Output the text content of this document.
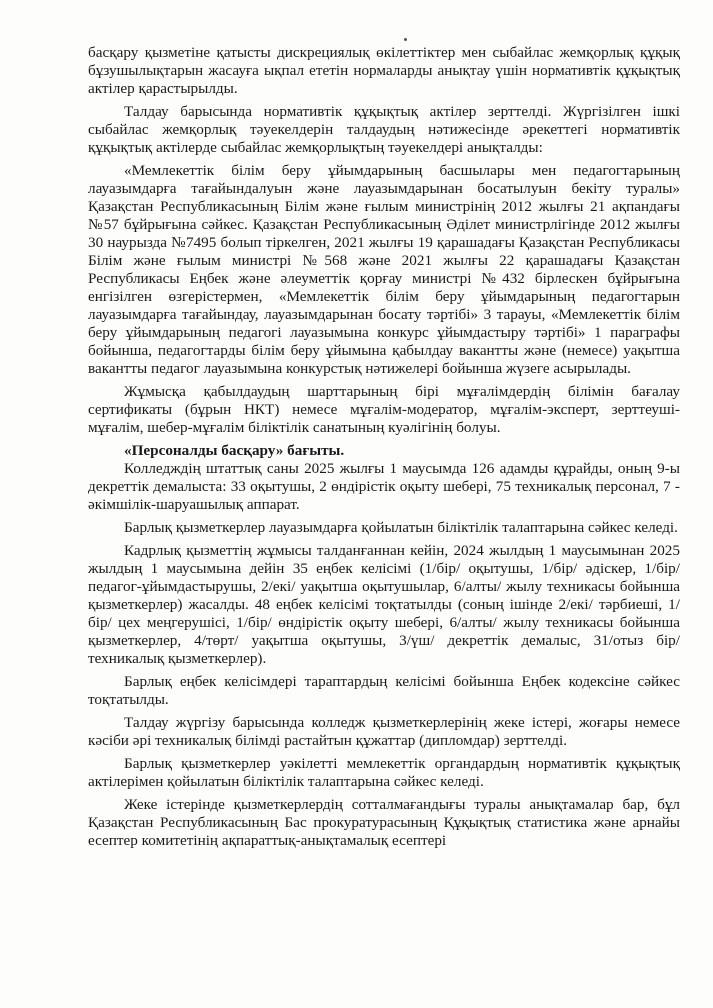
басқару қызметіне қатысты дискрециялық өкілеттіктер мен сыбайлас жемқорлық құқық бұзушылықтарын жасауға ықпал ететін нормаларды анықтау үшін нормативтік құқықтық актілер қарастырылды.

Талдау барысында нормативтік құқықтық актілер зерттелді. Жүргізілген ішкі сыбайлас жемқорлық тәуекелдерін талдаудың нәтижесінде әрекеттегі нормативтік құқықтық актілерде сыбайлас жемқорлықтың тәуекелдері анықталды:

«Мемлекеттік білім беру ұйымдарының басшылары мен педагогтарының лауазымдарға тағайындалуын және лауазымдарынан босатылуын бекіту туралы» Қазақстан Республикасының Білім және ғылым министрінің 2012 жылғы 21 ақпандағы №57 бұйрығына сәйкес. Қазақстан Республикасының Әділет министрлігінде 2012 жылғы 30 наурызда №7495 болып тіркелген, 2021 жылғы 19 қарашадағы Қазақстан Республикасы Білім және ғылым министрі №568 және 2021 жылғы 22 қарашадағы Қазақстан Республикасы Еңбек және әлеуметтік қорғау министрі №432 бірлескен бұйрығына енгізілген өзгерістермен, «Мемлекеттік білім беру ұйымдарының педагогтарын лауазымдарға тағайындау, лауазымдарынан босату тәртібі» 3 тарауы, «Мемлекеттік білім беру ұйымдарының педагогі лауазымына конкурс ұйымдастыру тәртібі» 1 параграфы бойынша, педагогтарды білім беру ұйымына қабылдау вакантты және (немесе) уақытша вакантты педагог лауазымына конкурстық нәтижелері бойынша жүзеге асырылады.

Жұмысқа қабылдаудың шарттарының бірі мұғалімдердің білімін бағалау сертификаты (бұрын НКТ) немесе мұғалім-модератор, мұғалім-эксперт, зерттеуші-мұғалім, шебер-мұғалім біліктілік санатының куәлігінің болуы.

«Персоналды басқару» бағыты.

Колледждің штаттық саны 2025 жылғы 1 маусымда 126 адамды құрайды, оның 9-ы декреттік демалыста: 33 оқытушы, 2 өндірістік оқыту шебері, 75 техникалық персонал, 7 - әкімшілік-шаруашылық аппарат.

Барлық қызметкерлер лауазымдарға қойылатын біліктілік талаптарына сәйкес келеді.

Кадрлық қызметтің жұмысы талданғаннан кейін, 2024 жылдың 1 маусымынан 2025 жылдың 1 маусымына дейін 35 еңбек келісімі (1/бір/ оқытушы, 1/бір/ әдіскер, 1/бір/ педагог-ұйымдастырушы, 2/екі/ уақытша оқытушылар, 6/алты/ жылу техникасы бойынша қызметкерлер) жасалды. 48 еңбек келісімі тоқтатылды (соның ішінде 2/екі/ тәрбиеші, 1/бір/ цех меңгерушісі, 1/бір/ өндірістік оқыту шебері, 6/алты/ жылу техникасы бойынша қызметкерлер, 4/төрт/ уақытша оқытушы, 3/үш/ декреттік демалыс, 31/отыз бір/ техникалық қызметкерлер).

Барлық еңбек келісімдері тараптардың келісімі бойынша Еңбек кодексіне сәйкес тоқтатылды.

Талдау жүргізу барысында колледж қызметкерлерінің жеке істері, жоғары немесе кәсіби әрі техникалық білімді растайтын құжаттар (дипломдар) зерттелді.

Барлық қызметкерлер уәкілетті мемлекеттік органдардың нормативтік құқықтық актілерімен қойылатын біліктілік талаптарына сәйкес келеді.

Жеке істерінде қызметкерлердің сотталмағандығы туралы анықтамалар бар, бұл Қазақстан Республикасының Бас прокуратурасының Құқықтық статистика және арнайы есептер комитетінің ақпараттық-анықтамалық есептері
